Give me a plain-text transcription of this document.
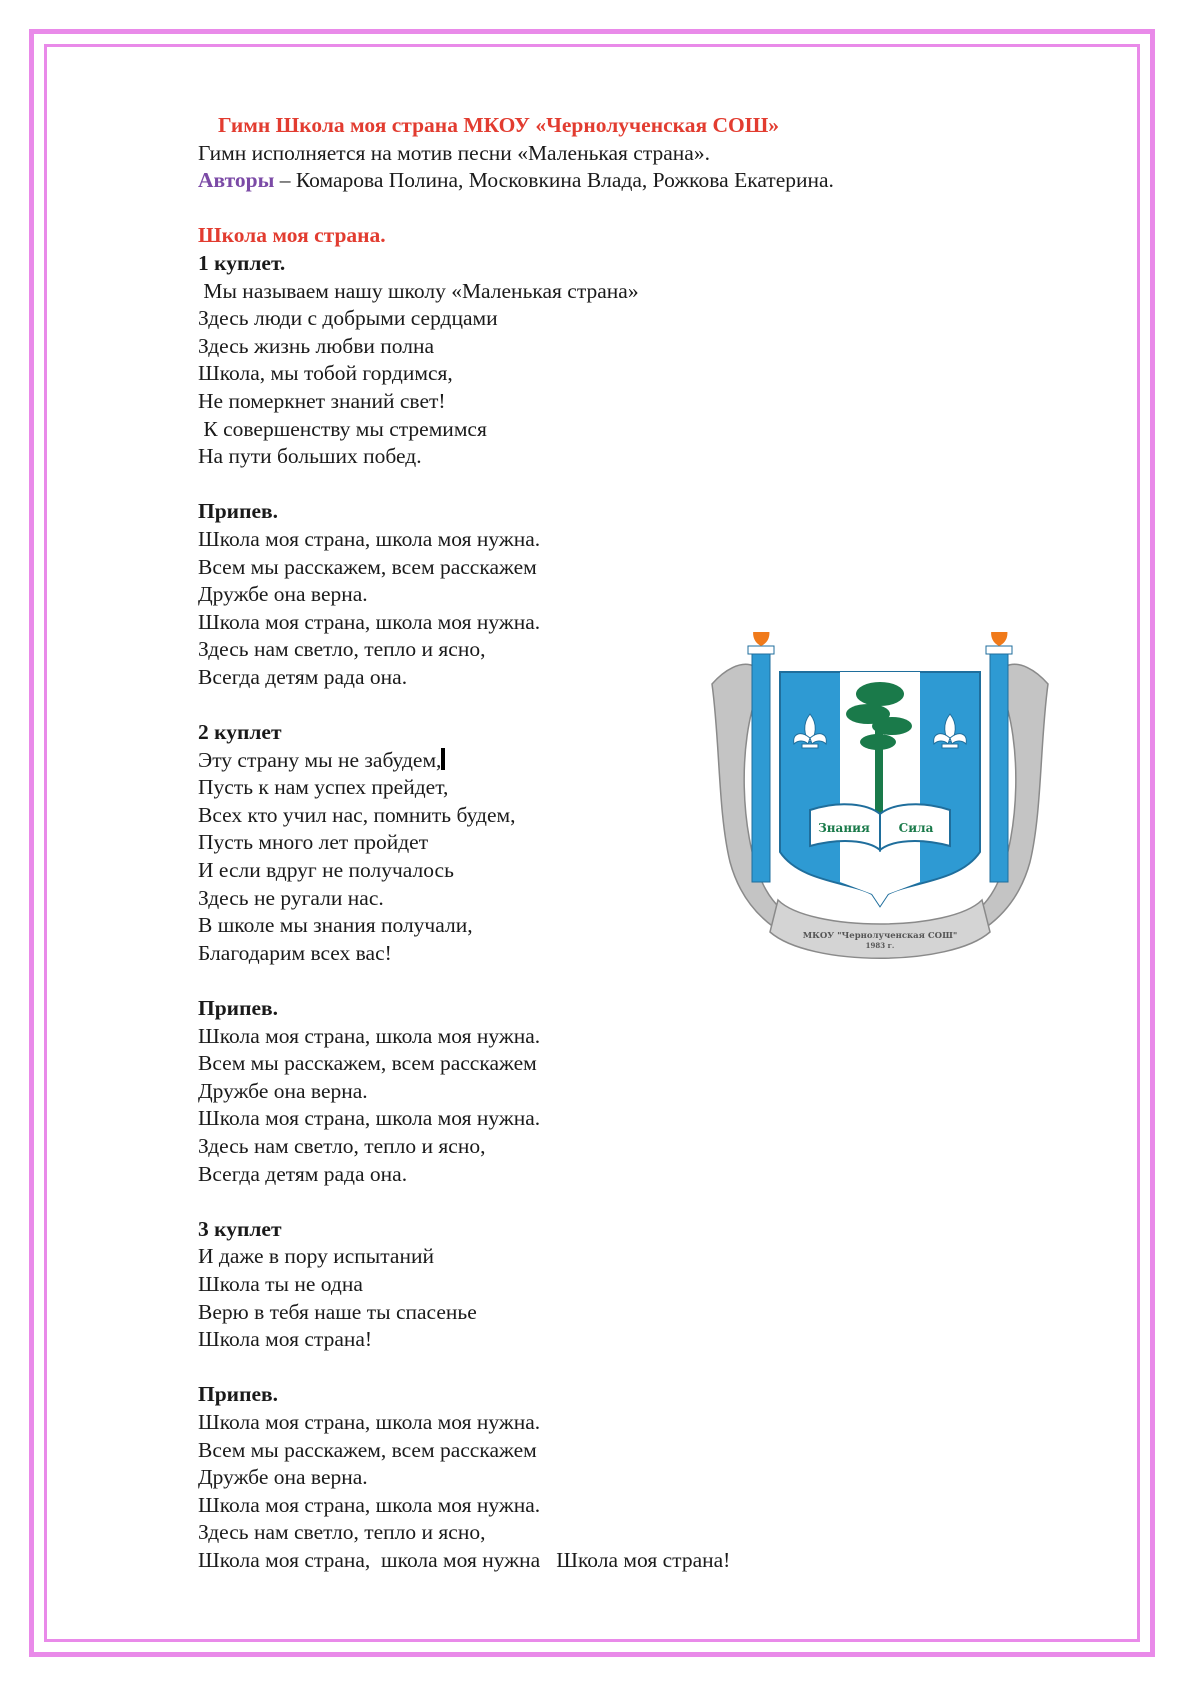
Гимн Школа моя страна МКОУ «Чернолученская СОШ»
Гимн исполняется на мотив песни «Маленькая страна».
Авторы – Комарова Полина, Московкина Влада, Рожкова Екатерина.
Школа моя страна.
1 куплет.
Мы называем нашу школу «Маленькая страна»
Здесь люди с добрыми сердцами
Здесь жизнь любви полна
Школа, мы тобой гордимся,
Не померкнет знаний свет!
К совершенству мы стремимся
На пути больших побед.
Припев.
Школа моя страна, школа моя нужна.
Всем мы расскажем, всем расскажем
Дружбе она верна.
Школа моя страна, школа моя нужна.
Здесь нам светло, тепло и ясно,
Всегда детям рада она.
2 куплет
Эту страну мы не забудем,
Пусть к нам успех прейдет,
Всех кто учил нас, помнить будем,
Пусть много лет пройдет
И если вдруг не получалось
Здесь не ругали нас.
В школе мы знания получали,
Благодарим всех вас!
Припев.
Школа моя страна, школа моя нужна.
Всем мы расскажем, всем расскажем
Дружбе она верна.
Школа моя страна, школа моя нужна.
Здесь нам светло, тепло и ясно,
Всегда детям рада она.
3 куплет
И даже в пору испытаний
Школа ты не одна
Верю в тебя наше ты спасенье
Школа моя страна!
Припев.
Школа моя страна, школа моя нужна.
Всем мы расскажем, всем расскажем
Дружбе она верна.
Школа моя страна, школа моя нужна.
Здесь нам светло, тепло и ясно,
Школа моя страна,  школа моя нужна   Школа моя страна!
МКОУ "Чернолученская СОШ"
1983 г.
Знания Сила
